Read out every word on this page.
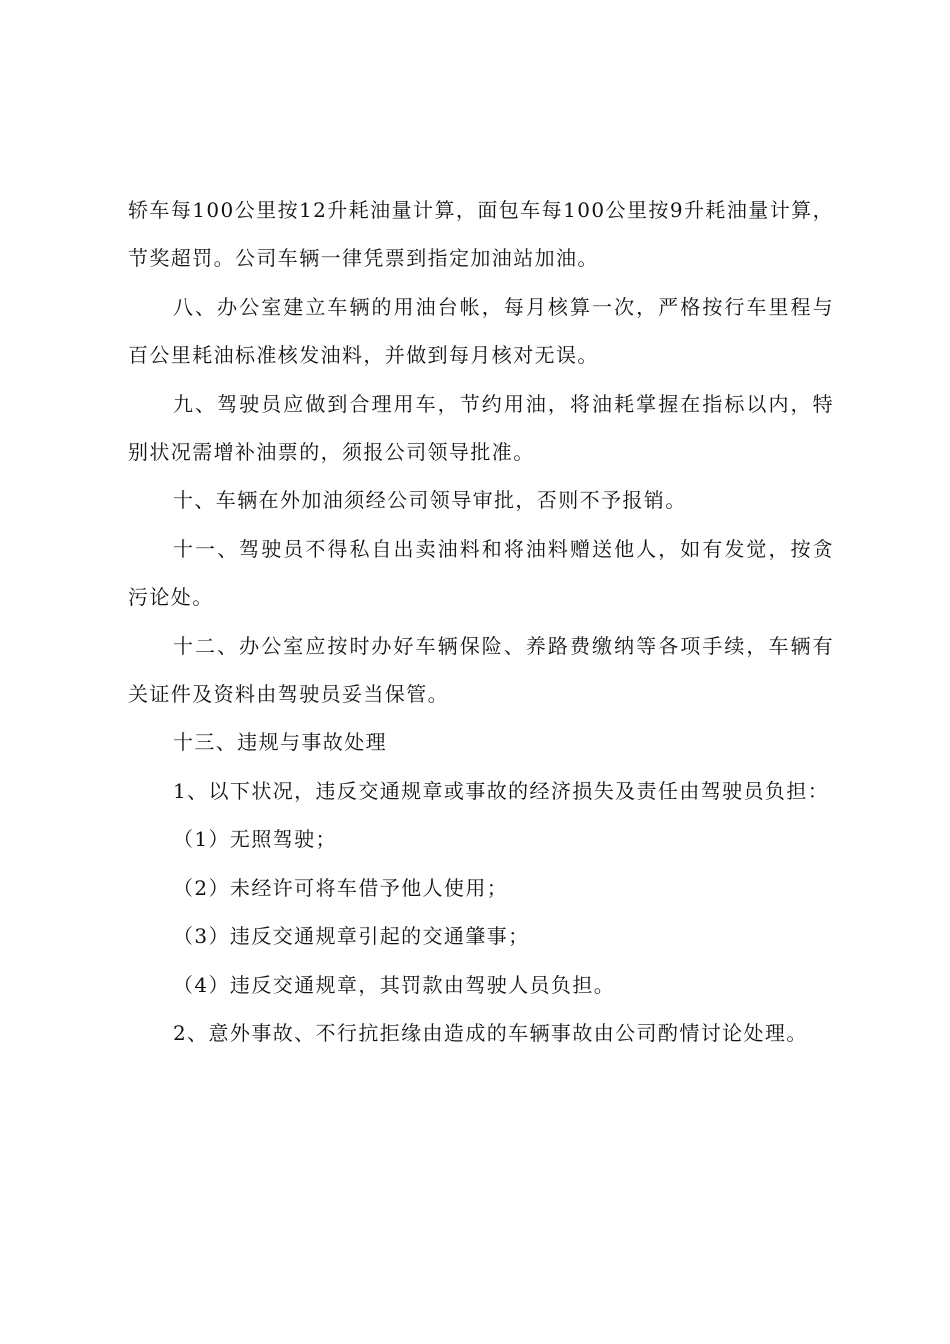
轿车每100公里按12升耗油量计算，面包车每100公里按9升耗油量计算，节奖超罚。公司车辆一律凭票到指定加油站加油。

八、办公室建立车辆的用油台帐，每月核算一次，严格按行车里程与百公里耗油标准核发油料，并做到每月核对无误。

九、驾驶员应做到合理用车，节约用油，将油耗掌握在指标以内，特别状况需增补油票的，须报公司领导批准。

十、车辆在外加油须经公司领导审批，否则不予报销。

十一、驾驶员不得私自出卖油料和将油料赠送他人，如有发觉，按贪污论处。

十二、办公室应按时办好车辆保险、养路费缴纳等各项手续，车辆有关证件及资料由驾驶员妥当保管。

十三、违规与事故处理

1、以下状况，违反交通规章或事故的经济损失及责任由驾驶员负担：

（1）无照驾驶；

（2）未经许可将车借予他人使用；

（3）违反交通规章引起的交通肇事；

（4）违反交通规章，其罚款由驾驶人员负担。

2、意外事故、不行抗拒缘由造成的车辆事故由公司酌情讨论处理。
